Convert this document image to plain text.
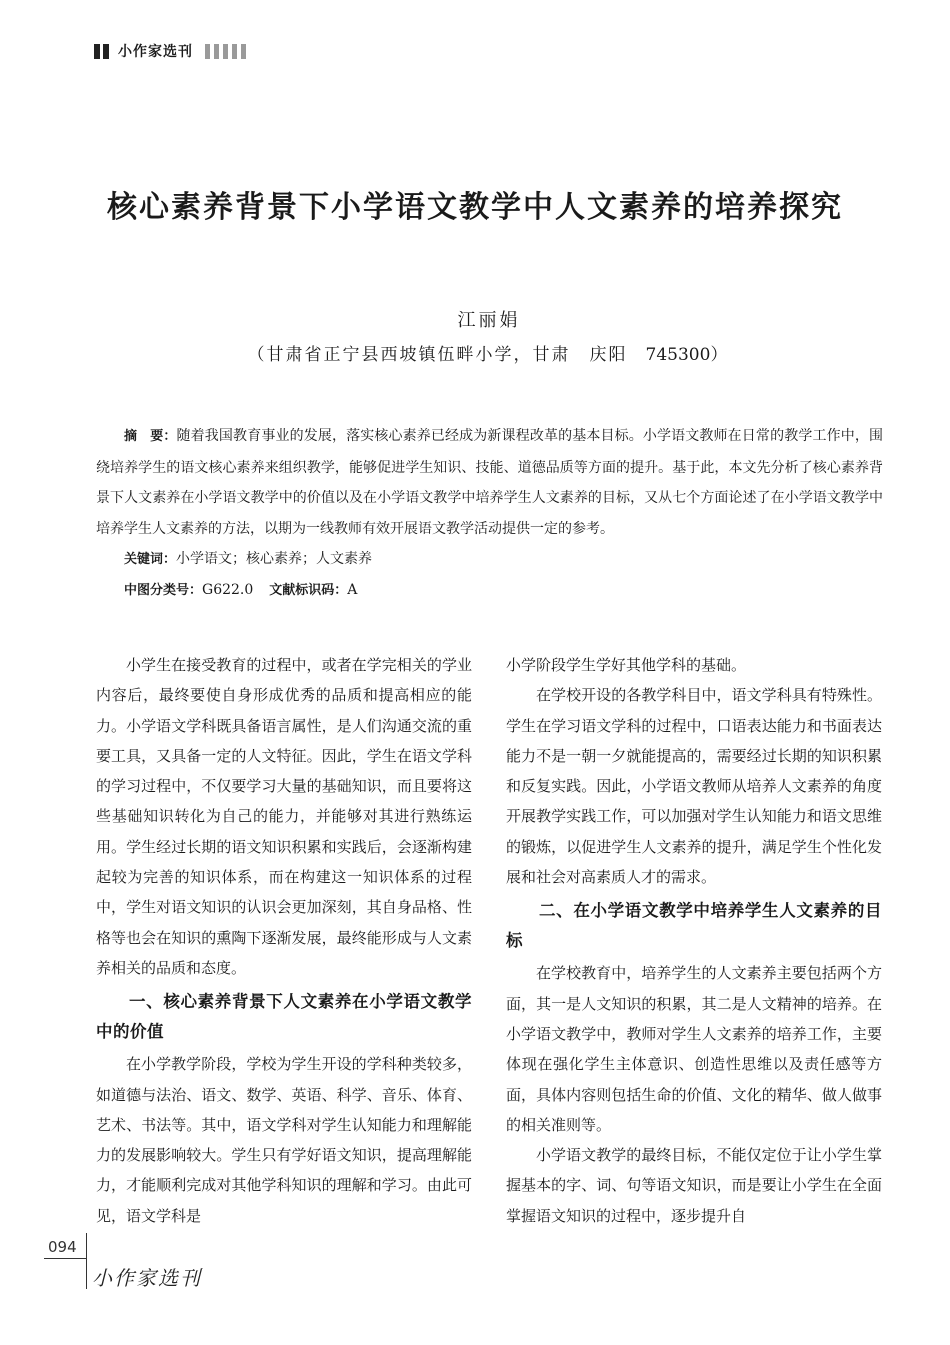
小作家选刊
核心素养背景下小学语文教学中人文素养的培养探究
江丽娟
（甘肃省正宁县西坡镇伍畔小学，甘肃　庆阳 745300）

摘　要：随着我国教育事业的发展，落实核心素养已经成为新课程改革的基本目标。小学语文教师在日常的教学工作中，围绕培养学生的语文核心素养来组织教学，能够促进学生知识、技能、道德品质等方面的提升。基于此，本文先分析了核心素养背景下人文素养在小学语文教学中的价值以及在小学语文教学中培养学生人文素养的目标，又从七个方面论述了在小学语文教学中培养学生人文素养的方法，以期为一线教师有效开展语文教学活动提供一定的参考。

关键词：小学语文；核心素养；人文素养
中图分类号：G622.0 文献标识码：A

小学生在接受教育的过程中，或者在学完相关的学业内容后，最终要使自身形成优秀的品质和提高相应的能力。小学语文学科既具备语言属性，是人们沟通交流的重要工具，又具备一定的人文特征。因此，学生在语文学科的学习过程中，不仅要学习大量的基础知识，而且要将这些基础知识转化为自己的能力，并能够对其进行熟练运用。学生经过长期的语文知识积累和实践后，会逐渐构建起较为完善的知识体系，而在构建这一知识体系的过程中，学生对语文知识的认识会更加深刻，其自身品格、性格等也会在知识的熏陶下逐渐发展，最终能形成与人文素养相关的品质和态度。

一、核心素养背景下人文素养在小学语文教学中的价值

在小学教学阶段，学校为学生开设的学科种类较多，如道德与法治、语文、数学、英语、科学、音乐、体育、艺术、书法等。其中，语文学科对学生认知能力和理解能力的发展影响较大。学生只有学好语文知识，提高理解能力，才能顺利完成对其他学科知识的理解和学习。由此可见，语文学科是

小学阶段学生学好其他学科的基础。

在学校开设的各教学科目中，语文学科具有特殊性。学生在学习语文学科的过程中，口语表达能力和书面表达能力不是一朝一夕就能提高的，需要经过长期的知识积累和反复实践。因此，小学语文教师从培养人文素养的角度开展教学实践工作，可以加强对学生认知能力和语文思维的锻炼，以促进学生人文素养的提升，满足学生个性化发展和社会对高素质人才的需求。

二、在小学语文教学中培养学生人文素养的目标

在学校教育中，培养学生的人文素养主要包括两个方面，其一是人文知识的积累，其二是人文精神的培养。在小学语文教学中，教师对学生人文素养的培养工作，主要体现在强化学生主体意识、创造性思维以及责任感等方面，具体内容则包括生命的价值、文化的精华、做人做事的相关准则等。

小学语文教学的最终目标，不能仅定位于让小学生掌握基本的字、词、句等语文知识，而是要让小学生在全面掌握语文知识的过程中，逐步提升自

094
小作家选刊
